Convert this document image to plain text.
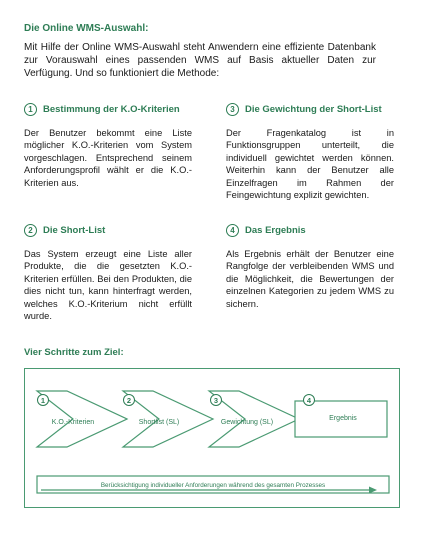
Die Online WMS-Auswahl:
Mit Hilfe der Online WMS-Auswahl steht Anwendern eine effiziente Datenbank zur Vorauswahl eines passenden WMS auf Basis aktueller Daten zur Verfügung. Und so funktioniert die Methode:
1	Bestimmung der K.O-Kriterien
Der Benutzer bekommt eine Liste möglicher K.O.-Kriterien vom System vorgeschlagen. Entsprechend seinem Anforderungsprofil wählt er die K.O.-Kriterien aus.
3	Die Gewichtung der Short-List
Der Fragenkatalog ist in Funktionsgruppen unterteilt, die individuell gewichtet werden können. Weiterhin kann der Benutzer alle Einzelfragen im Rahmen der Feingewichtung explizit gewichten.
2	Die Short-List
Das System erzeugt eine Liste aller Produkte, die die gesetzten K.O.-Kriterien erfüllen. Bei den Produkten, die dies nicht tun, kann hinterfragt werden, welches K.O.-Kriterium nicht erfüllt wurde.
4	Das Ergebnis
Als Ergebnis erhält der Benutzer eine Rangfolge der verbleibenden WMS und die Möglichkeit, die Bewertungen der einzelnen Kategorien zu jedem WMS zu sichern.
Vier Schritte zum Ziel:
1
K.O.-Kriterien
2
Shortlist (SL)
3
Gewichtung (SL)
4
Ergebnis
Berücksichtigung individueller Anforderungen während des gesamten Prozesses
